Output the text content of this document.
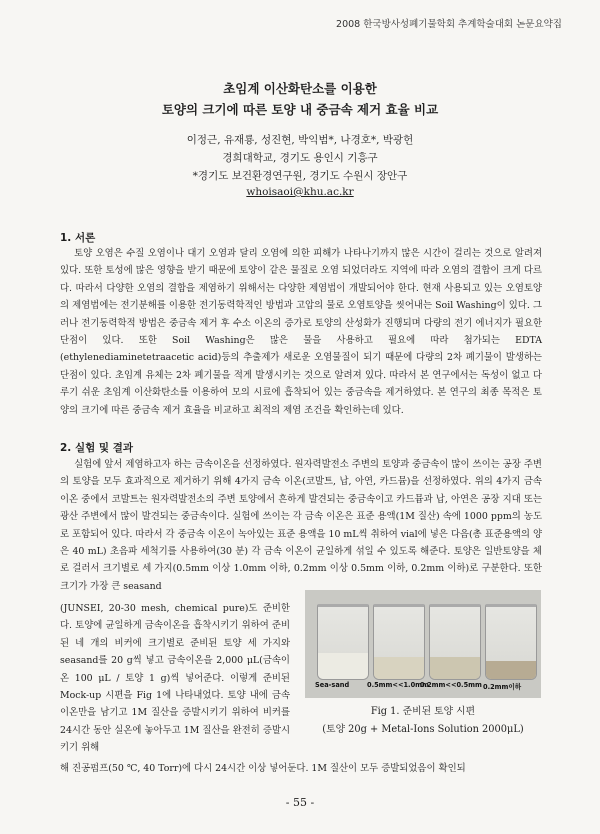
2008 한국방사성폐기물학회 추계학술대회 논문요약집
초임계 이산화탄소를 이용한
토양의 크기에 따른 토양 내 중금속 제거 효율 비교
이정근, 유재룡, 성진현, 박익범*, 나경호*, 박광헌
경희대학교, 경기도 용인시 기흥구
*경기도 보건환경연구원, 경기도 수원시 장안구
whoisaoi@khu.ac.kr
1. 서론

토양 오염은 수질 오염이나 대기 오염과 달리 오염에 의한 피해가 나타나기까지 많은 시간이 걸리는 것으로 알려져 있다. 또한 토성에 많은 영향을 받기 때문에 토양이 같은 물질로 오염 되었더라도 지역에 따라 오염의 결합이 크게 다르다. 따라서 다양한 오염의 결합을 제염하기 위해서는 다양한 제염법이 개발되어야 한다. 현재 사용되고 있는 오염토양의 제염법에는 전기분해를 이용한 전기동력학적인 방법과 고압의 물로 오염토양을 씻어내는 Soil Washing이 있다. 그러나 전기동력학적 방법은 중금속 제거 후 수소 이온의 증가로 토양의 산성화가 진행되며 다량의 전기 에너지가 필요한 단점이 있다. 또한 Soil Washing은 많은 물을 사용하고 필요에 따라 첨가되는 EDTA (ethylenediaminetetraacetic acid)등의 추출제가 새로운 오염물질이 되기 때문에 다량의 2차 폐기물이 발생하는 단점이 있다. 초임계 유체는 2차 폐기물을 적게 발생시키는 것으로 알려져 있다. 따라서 본 연구에서는 독성이 없고 다루기 쉬운 초임계 이산화탄소를 이용하여 모의 시료에 흡착되어 있는 중금속을 제거하였다. 본 연구의 최종 목적은 토양의 크기에 따른 중금속 제거 효율을 비교하고 최적의 제염 조건을 확인하는데 있다.

2. 실험 및 결과

실험에 앞서 제염하고자 하는 금속이온을 선정하였다. 원자력발전소 주변의 토양과 중금속이 많이 쓰이는 공장 주변의 토양을 모두 효과적으로 제거하기 위해 4가지 금속 이온(코발트, 납, 아연, 카드뮴)을 선정하였다. 위의 4가지 금속 이온 중에서 코발트는 원자력발전소의 주변 토양에서 흔하게 발견되는 중금속이고 카드뮴과 납, 아연은 공장 지대 또는 광산 주변에서 많이 발견되는 중금속이다. 실험에 쓰이는 각 금속 이온은 표준 용액(1M 질산) 속에 1000 ppm의 농도로 포함되어 있다. 따라서 각 중금속 이온이 녹아있는 표준 용액을 10 mL씩 취하여 vial에 넣은 다음(총 표준용액의 양은 40 mL) 초음파 세척기를 사용하여(30 분) 각 금속 이온이 균일하게 섞일 수 있도록 해준다. 토양은 일반토양을 체로 걸러서 크기별로 세 가지(0.5mm 이상 1.0mm 이하, 0.2mm 이상 0.5mm 이하, 0.2mm 이하)로 구분한다. 또한 크기가 가장 큰 seasand

(JUNSEI, 20-30 mesh, chemical pure)도 준비한다. 토양에 균일하게 금속이온을 흡착시키기 위하여 준비된 네 개의 비커에 크기별로 준비된 토양 세 가지와 seasand를 20 g씩 넣고 금속이온을 2,000 μL(금속이온 100 μL / 토양 1 g)씩 넣어준다. 이렇게 준비된 Mock-up 시편을 Fig 1에 나타내었다. 토양 내에 금속이온만을 남기고 1M 질산을 증발시키기 위하여 비커를 24시간 동안 실온에 놓아두고 1M 질산을 완전히 증발시키기 위해

Sea-sand	0.5mm<<1.0mm
0.2mm<<0.5mm 0.2mm이하
Fig 1. 준비된 토양 시편
(토양 20g + Metal-Ions Solution 2000μL)

해 진공펌프(50 ℃, 40 Torr)에 다시 24시간 이상 넣어둔다. 1M 질산이 모두 증발되었음이 확인되

- 55 -
